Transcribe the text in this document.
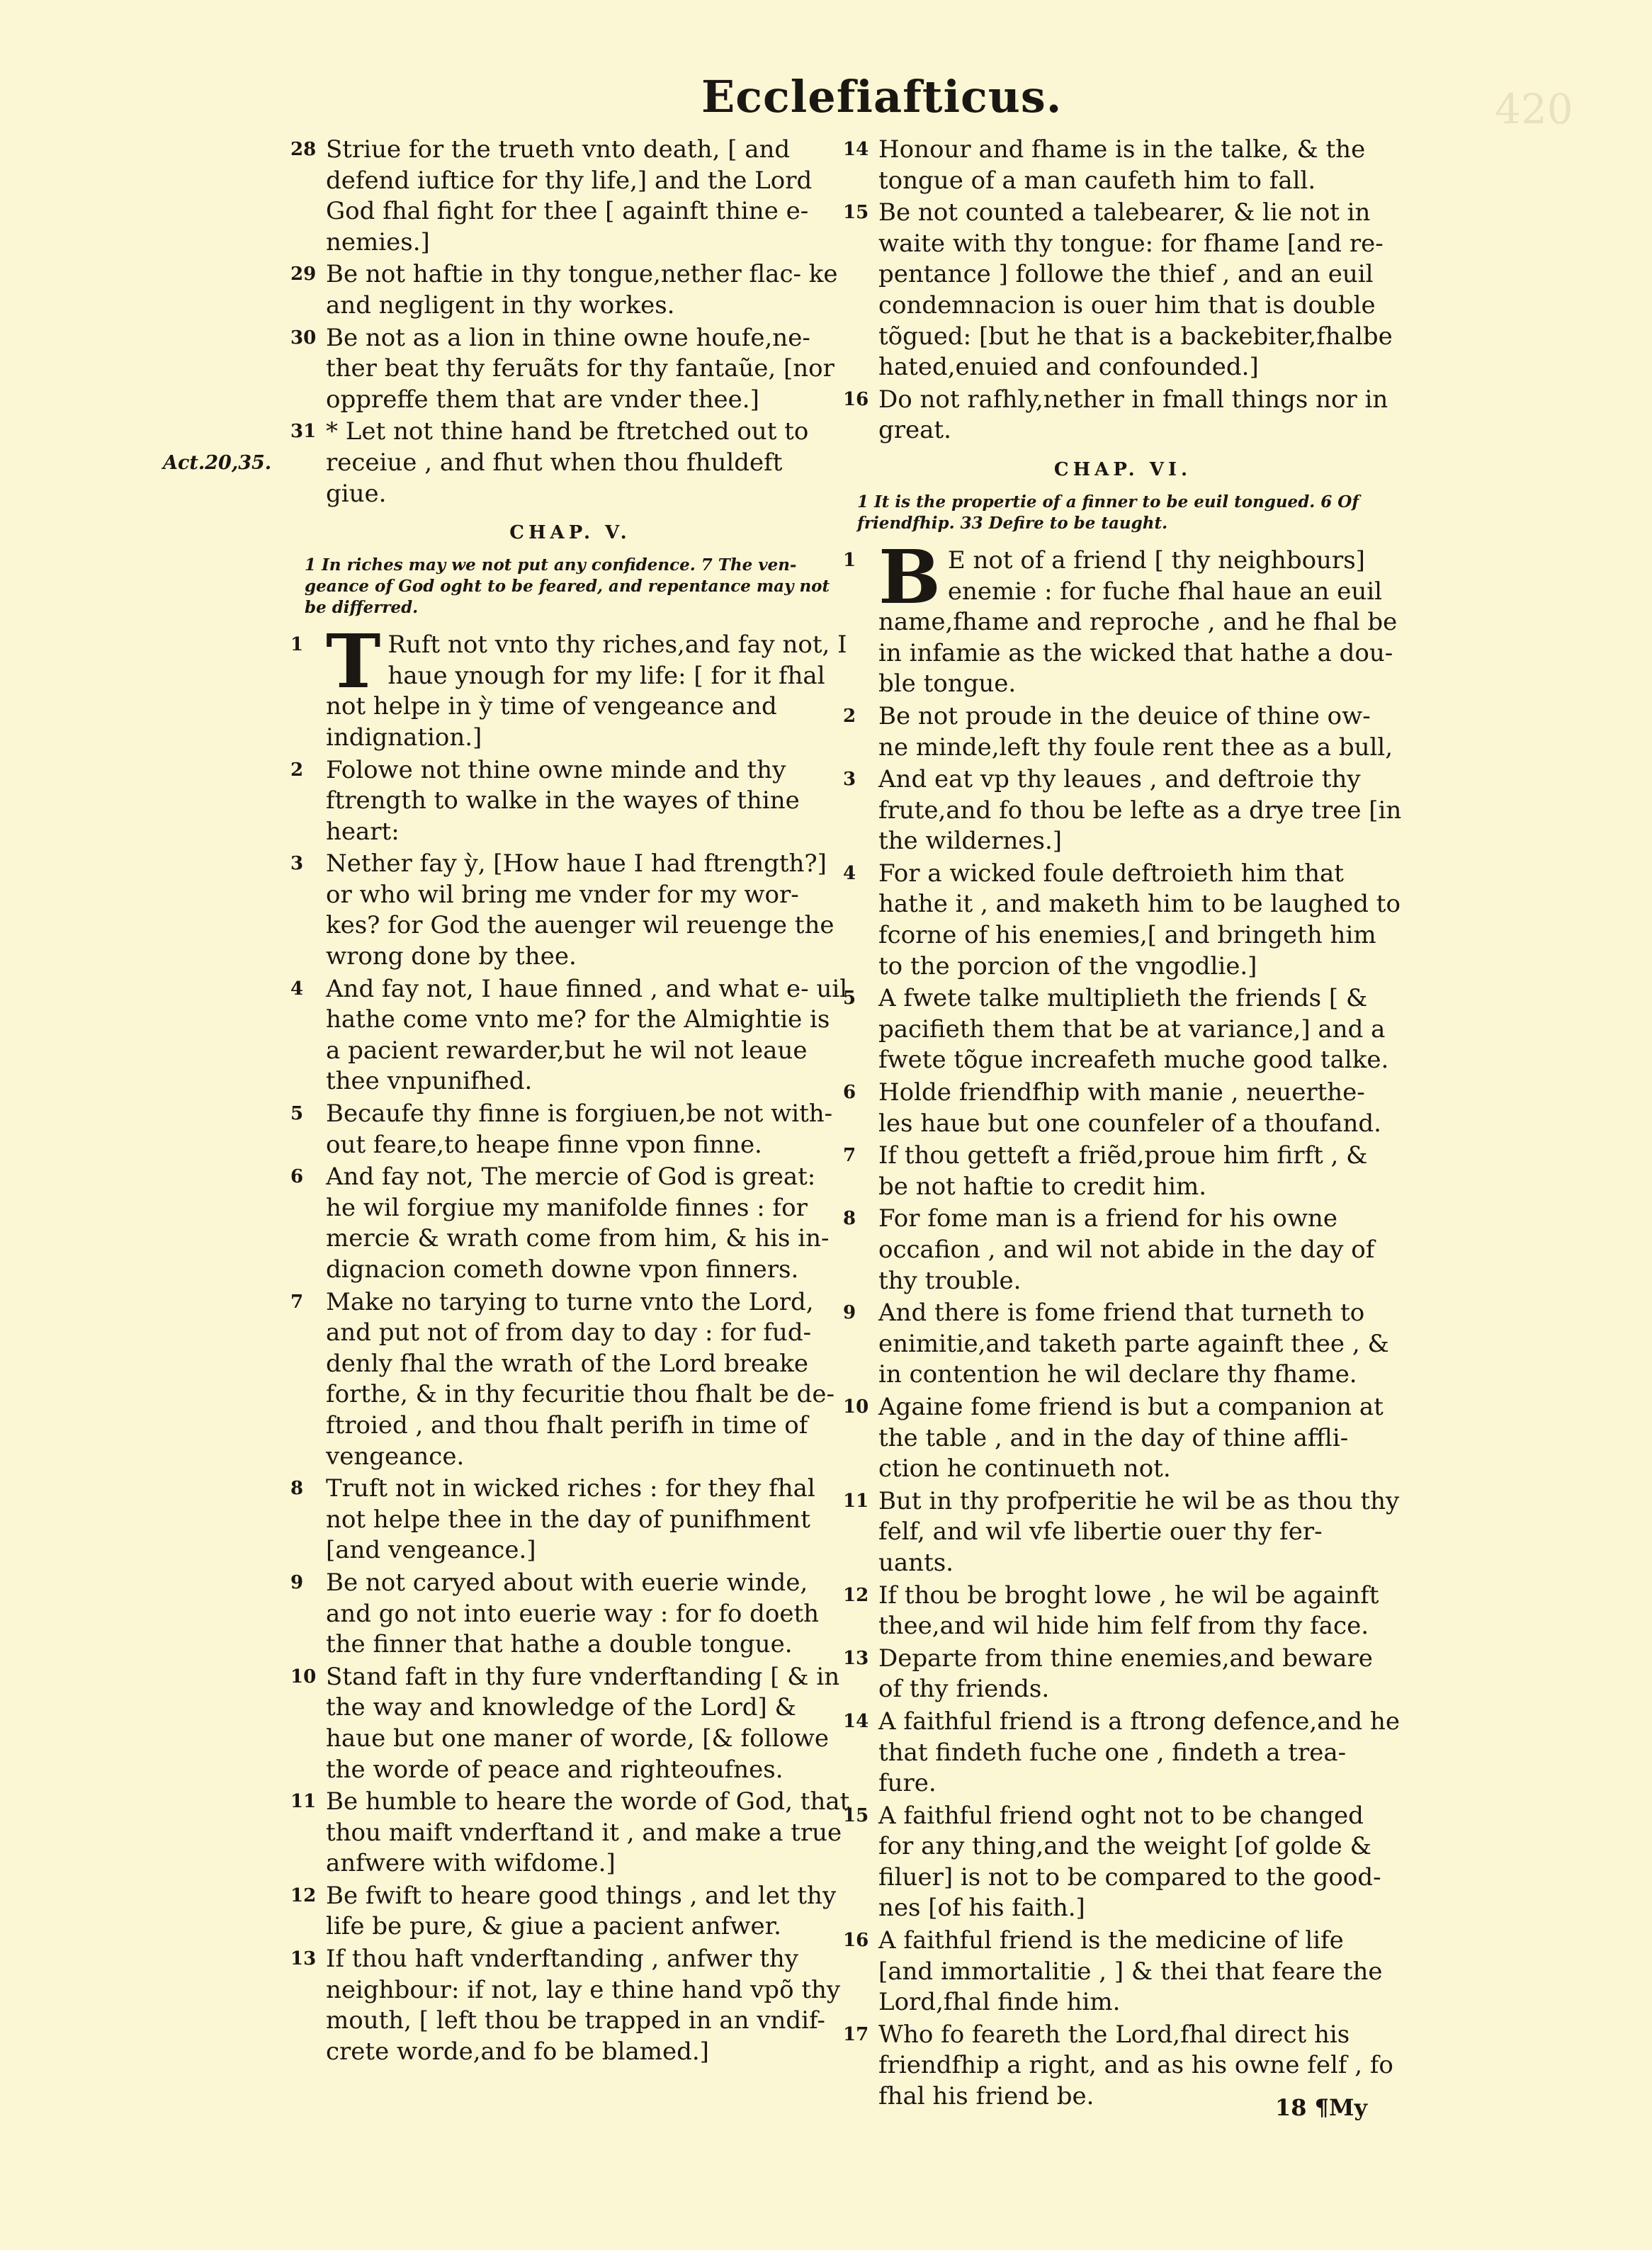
420
Ecclefiafticus.
Act.20,35.
28 Striue for the trueth vnto death, [ and defend iuftice for thy life,] and the Lord God fhal fight for thee [ againft thine e- nemies.]
29 Be not haftie in thy tongue,nether flac- ke and negligent in thy workes.
30 Be not as a lion in thine owne houfe,ne- ther beat thy feruãts for thy fantaũe, [nor oppreffe them that are vnder thee.]
31 * Let not thine hand be ftretched out to receiue , and fhut when thou fhuldeft giue.
CHAP. V.
1 In riches may we not put any confidence. 7 The ven- geance of God oght to be feared, and repentance may not be differred.
1 T Ruft not vnto thy riches,and fay not, I haue ynough for my life: [ for it fhal not helpe in ỳ time of vengeance and indignation.]
2 Folowe not thine owne minde and thy ftrength to walke in the wayes of thine heart:
3 Nether fay ỳ, [How haue I had ftrength?] or who wil bring me vnder for my wor- kes? for God the auenger wil reuenge the wrong done by thee.
4 And fay not, I haue finned , and what e- uil hathe come vnto me? for the Almightie is a pacient rewarder,but he wil not leaue thee vnpunifhed.
5 Becaufe thy finne is forgiuen,be not with- out feare,to heape finne vpon finne.
6 And fay not, The mercie of God is great: he wil forgiue my manifolde finnes : for mercie & wrath come from him, & his in- dignacion cometh downe vpon finners.
7 Make no tarying to turne vnto the Lord, and put not of from day to day : for fud- denly fhal the wrath of the Lord breake forthe, & in thy fecuritie thou fhalt be de- ftroied , and thou fhalt perifh in time of vengeance.
8 Truft not in wicked riches : for they fhal not helpe thee in the day of punifhment [and vengeance.]
9 Be not caryed about with euerie winde, and go not into euerie way : for fo doeth the finner that hathe a double tongue.
10 Stand faft in thy fure vnderftanding [ & in the way and knowledge of the Lord] & haue but one maner of worde, [& followe the worde of peace and righteoufnes.
11 Be humble to heare the worde of God, that thou maift vnderftand it , and make a true anfwere with wifdome.]
12 Be fwift to heare good things , and let thy life be pure, & giue a pacient anfwer.
13 If thou haft vnderftanding , anfwer thy neighbour: if not, lay e thine hand vpõ thy mouth, [ left thou be trapped in an vndif- crete worde,and fo be blamed.]
14 Honour and fhame is in the talke, & the tongue of a man caufeth him to fall.
15 Be not counted a talebearer, & lie not in waite with thy tongue: for fhame [and re- pentance ] followe the thief , and an euil condemnacion is ouer him that is double tõgued: [but he that is a backebiter,fhalbe hated,enuied and confounded.]
16 Do not rafhly,nether in fmall things nor in great.
CHAP. VI.
1 It is the propertie of a finner to be euil tongued. 6 Of friendfhip. 33 Defire to be taught.
1 B E not of a friend [ thy neighbours] enemie : for fuche fhal haue an euil name,fhame and reproche , and he fhal be in infamie as the wicked that hathe a dou- ble tongue.
2 Be not proude in the deuice of thine ow- ne minde,left thy foule rent thee as a bull,
3 And eat vp thy leaues , and deftroie thy frute,and fo thou be lefte as a drye tree [in the wildernes.]
4 For a wicked foule deftroieth him that hathe it , and maketh him to be laughed to fcorne of his enemies,[ and bringeth him to the porcion of the vngodlie.]
5 A fwete talke multiplieth the friends [ & pacifieth them that be at variance,] and a fwete tõgue increafeth muche good talke.
6 Holde friendfhip with manie , neuerthe- les haue but one counfeler of a thoufand.
7 If thou getteft a friẽd,proue him firft , & be not haftie to credit him.
8 For fome man is a friend for his owne occafion , and wil not abide in the day of thy trouble.
9 And there is fome friend that turneth to enimitie,and taketh parte againft thee , & in contention he wil declare thy fhame.
10 Againe fome friend is but a companion at the table , and in the day of thine affli- ction he continueth not.
11 But in thy profperitie he wil be as thou thy felf, and wil vfe libertie ouer thy fer- uants.
12 If thou be broght lowe , he wil be againft thee,and wil hide him felf from thy face.
13 Departe from thine enemies,and beware of thy friends.
14 A faithful friend is a ftrong defence,and he that findeth fuche one , findeth a trea- fure.
15 A faithful friend oght not to be changed for any thing,and the weight [of golde & filuer] is not to be compared to the good- nes [of his faith.]
16 A faithful friend is the medicine of life [and immortalitie , ] & thei that feare the Lord,fhal finde him.
17 Who fo feareth the Lord,fhal direct his friendfhip a right, and as his owne felf , fo fhal his friend be.	18 ¶My
